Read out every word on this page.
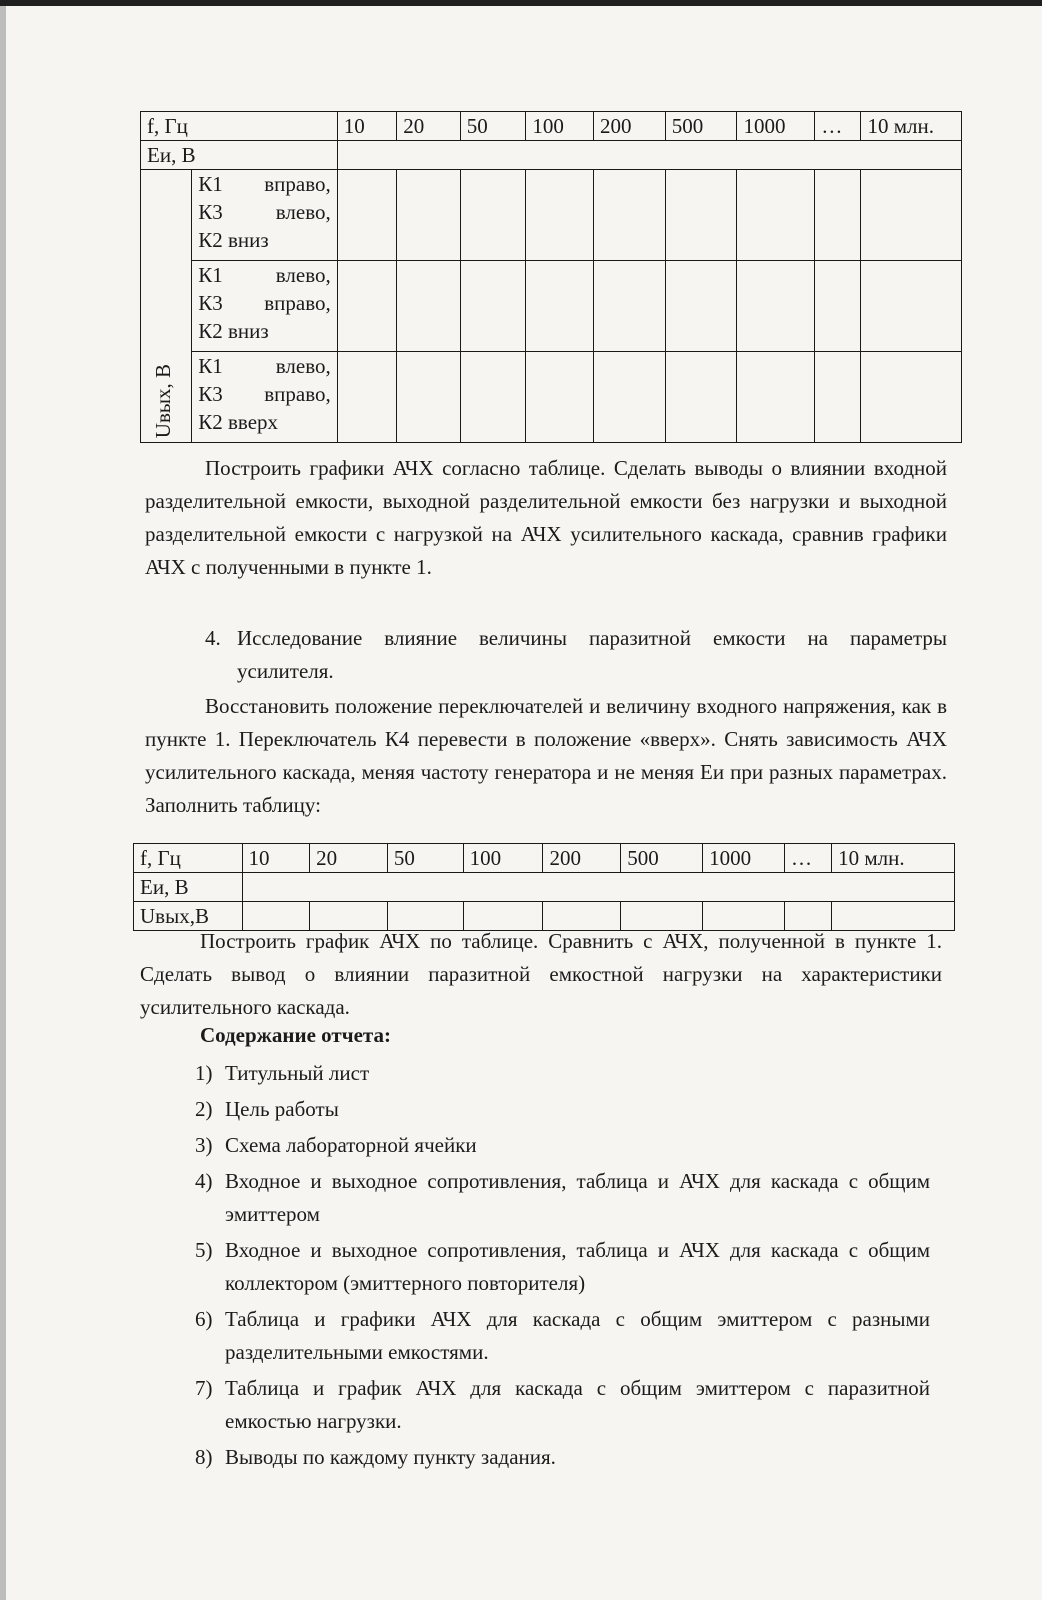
f, Гц		10	20	50	100	200	500	1000	…	10 млн.
Еи, В										

Uвых, В	К1 вправо,
К3 влево,
К2 вниз									

	К1 влево,
К3 вправо,
К2 вниз									

	К1 влево,
К3 вправо,
К2 вверх									

Построить графики АЧХ согласно таблице. Сделать выводы о влиянии входной разделительной емкости, выходной разделительной емкости без нагрузки и выходной разделительной емкости с нагрузкой на АЧХ усилительного каскада, сравнив графики АЧХ с полученными в пункте 1.
4. Исследование влияние величины паразитной емкости на параметры усилителя.
Восстановить положение переключателей и величину входного напряжения, как в пункте 1. Переключатель К4 перевести в положение «вверх». Снять зависимость АЧХ усилительного каскада, меняя частоту генератора и не меняя Еи при разных параметрах. Заполнить таблицу:
f, Гц	10	20	50	100	200	500	1000	…	10 млн.
Еи, В									
Uвых,В									
Построить график АЧХ по таблице. Сравнить с АЧХ, полученной в пункте 1. Сделать вывод о влиянии паразитной емкостной нагрузки на характеристики усилительного каскада.
Содержание отчета:
1) Титульный лист
2) Цель работы
3) Схема лабораторной ячейки
4) Входное и выходное сопротивления, таблица и АЧХ для каскада с общим эмиттером
5) Входное и выходное сопротивления, таблица и АЧХ для каскада с общим коллектором (эмиттерного повторителя)
6) Таблица и графики АЧХ для каскада с общим эмиттером с разными разделительными емкостями.
7) Таблица и график АЧХ для каскада с общим эмиттером с паразитной емкостью нагрузки.
8) Выводы по каждому пункту задания.
